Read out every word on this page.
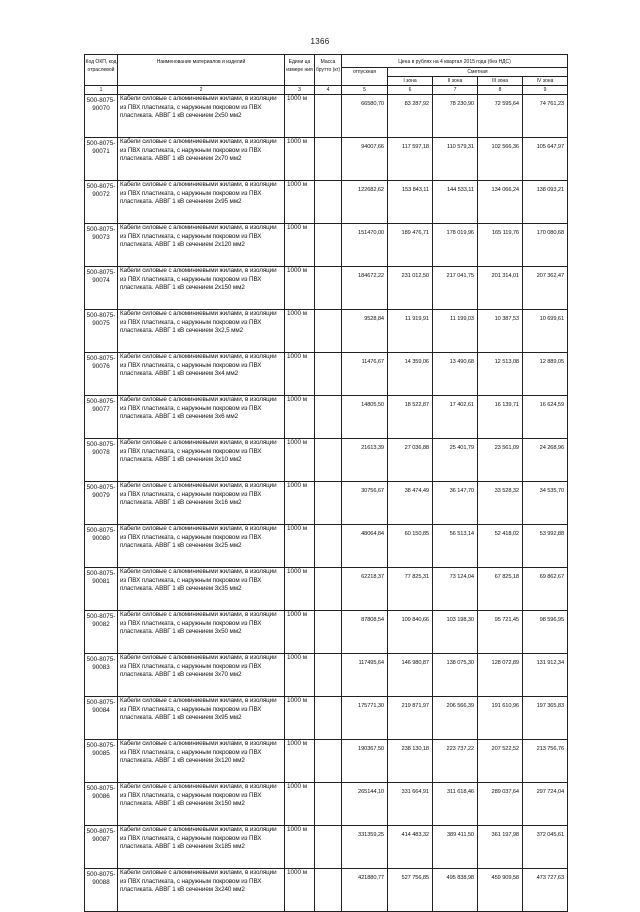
1366
Код ОКП, код отраслевой	Наименование материалов и изделий	Едини ца измере ния	Масса брутто (кг)	Цена в рублях на 4 квартал 2015 года (без НДС)				
				отпускная	Сметная			
					I зона	II зона	III зона	IV зона
1	2	3	4	5	6	7	8	9
500-8075-90070	Кабели силовые с алюминиевыми жилами, в изоляции из ПВХ пластиката, с наружным покровом из ПВХ пластиката. АВВГ 1 кВ сечением 2х50 мм2	1000 м		66580,70	83 287,92	78 230,90	72 595,64	74 761,23
500-8075-90071	Кабели силовые с алюминиевыми жилами, в изоляции из ПВХ пластиката, с наружным покровом из ПВХ пластиката. АВВГ 1 кВ сечением 2х70 мм2	1000 м		94007,66	117 597,18	110 579,31	102 566,36	105 647,97
500-8075-90072	Кабели силовые с алюминиевыми жилами, в изоляции из ПВХ пластиката, с наружным покровом из ПВХ пластиката. АВВГ 1 кВ сечением 2х95 мм2	1000 м		122682,62	153 843,11	144 533,11	134 066,24	138 093,21
500-8075-90073	Кабели силовые с алюминиевыми жилами, в изоляции из ПВХ пластиката, с наружным покровом из ПВХ пластиката. АВВГ 1 кВ сечением 2х120 мм2	1000 м		151470,00	189 476,71	178 019,96	165 119,76	170 080,68
500-8075-90074	Кабели силовые с алюминиевыми жилами, в изоляции из ПВХ пластиката, с наружным покровом из ПВХ пластиката. АВВГ 1 кВ сечением 2х150 мм2	1000 м		184672,22	231 012,50	217 041,75	201 314,01	207 362,47
500-8075-90075	Кабели силовые с алюминиевыми жилами, в изоляции из ПВХ пластиката, с наружным покровом из ПВХ пластиката. АВВГ 1 кВ сечением 3х2,5 мм2	1000 м		9528,84	11 919,91	11 199,03	10 387,53	10 699,61
500-8075-90076	Кабели силовые с алюминиевыми жилами, в изоляции из ПВХ пластиката, с наружным покровом из ПВХ пластиката. АВВГ 1 кВ сечением 3х4 мм2	1000 м		11476,67	14 359,06	13 490,68	12 513,08	12 889,05
500-8075-90077	Кабели силовые с алюминиевыми жилами, в изоляции из ПВХ пластиката, с наружным покровом из ПВХ пластиката. АВВГ 1 кВ сечением 3х6 мм2	1000 м		14805,50	18 522,87	17 402,61	16 139,71	16 624,59
500-8075-90078	Кабели силовые с алюминиевыми жилами, в изоляции из ПВХ пластиката, с наружным покровом из ПВХ пластиката. АВВГ 1 кВ сечением 3х10 мм2	1000 м		21613,39	27 036,88	25 401,79	23 561,09	24 268,96
500-8075-90079	Кабели силовые с алюминиевыми жилами, в изоляции из ПВХ пластиката, с наружным покровом из ПВХ пластиката. АВВГ 1 кВ сечением 3х16 мм2	1000 м		30756,67	38 474,49	36 147,70	33 528,32	34 535,70
500-8075-90080	Кабели силовые с алюминиевыми жилами, в изоляции из ПВХ пластиката, с наружным покровом из ПВХ пластиката. АВВГ 1 кВ сечением 3х25 мм2	1000 м		48064,84	60 150,85	56 513,14	52 418,02	53 992,88
500-8075-90081	Кабели силовые с алюминиевыми жилами, в изоляции из ПВХ пластиката, с наружным покровом из ПВХ пластиката. АВВГ 1 кВ сечением 3х35 мм2	1000 м		62218,37	77 825,31	73 124,04	67 825,18	69 862,67
500-8075-90082	Кабели силовые с алюминиевыми жилами, в изоляции из ПВХ пластиката, с наружным покровом из ПВХ пластиката. АВВГ 1 кВ сечением 3х50 мм2	1000 м		87808,54	109 840,66	103 198,30	95 721,45	98 596,95
500-8075-90083	Кабели силовые с алюминиевыми жилами, в изоляции из ПВХ пластиката, с наружным покровом из ПВХ пластиката. АВВГ 1 кВ сечением 3х70 мм2	1000 м		117495,64	146 980,87	138 075,30	128 072,89	131 912,34
500-8075-90084	Кабели силовые с алюминиевыми жилами, в изоляции из ПВХ пластиката, с наружным покровом из ПВХ пластиката. АВВГ 1 кВ сечением 3х95 мм2	1000 м		175771,30	219 871,97	206 566,39	191 610,96	197 365,83
500-8075-90085	Кабели силовые с алюминиевыми жилами, в изоляции из ПВХ пластиката, с наружным покровом из ПВХ пластиката. АВВГ 1 кВ сечением 3х120 мм2	1000 м		190367,50	238 130,18	223 737,22	207 522,52	213 756,76
500-8075-90086	Кабели силовые с алюминиевыми жилами, в изоляции из ПВХ пластиката, с наружным покровом из ПВХ пластиката. АВВГ 1 кВ сечением 3х150 мм2	1000 м		265144,10	331 664,91	311 618,46	289 037,64	297 724,04
500-8075-90087	Кабели силовые с алюминиевыми жилами, в изоляции из ПВХ пластиката, с наружным покровом из ПВХ пластиката. АВВГ 1 кВ сечением 3х185 мм2	1000 м		331359,25	414 483,32	389 411,50	361 197,98	372 045,61
500-8075-90088	Кабели силовые с алюминиевыми жилами, в изоляции из ПВХ пластиката, с наружным покровом из ПВХ пластиката. АВВГ 1 кВ сечением 3х240 мм2	1000 м		421880,77	527 756,85	495 838,98	459 909,58	473 727,63
